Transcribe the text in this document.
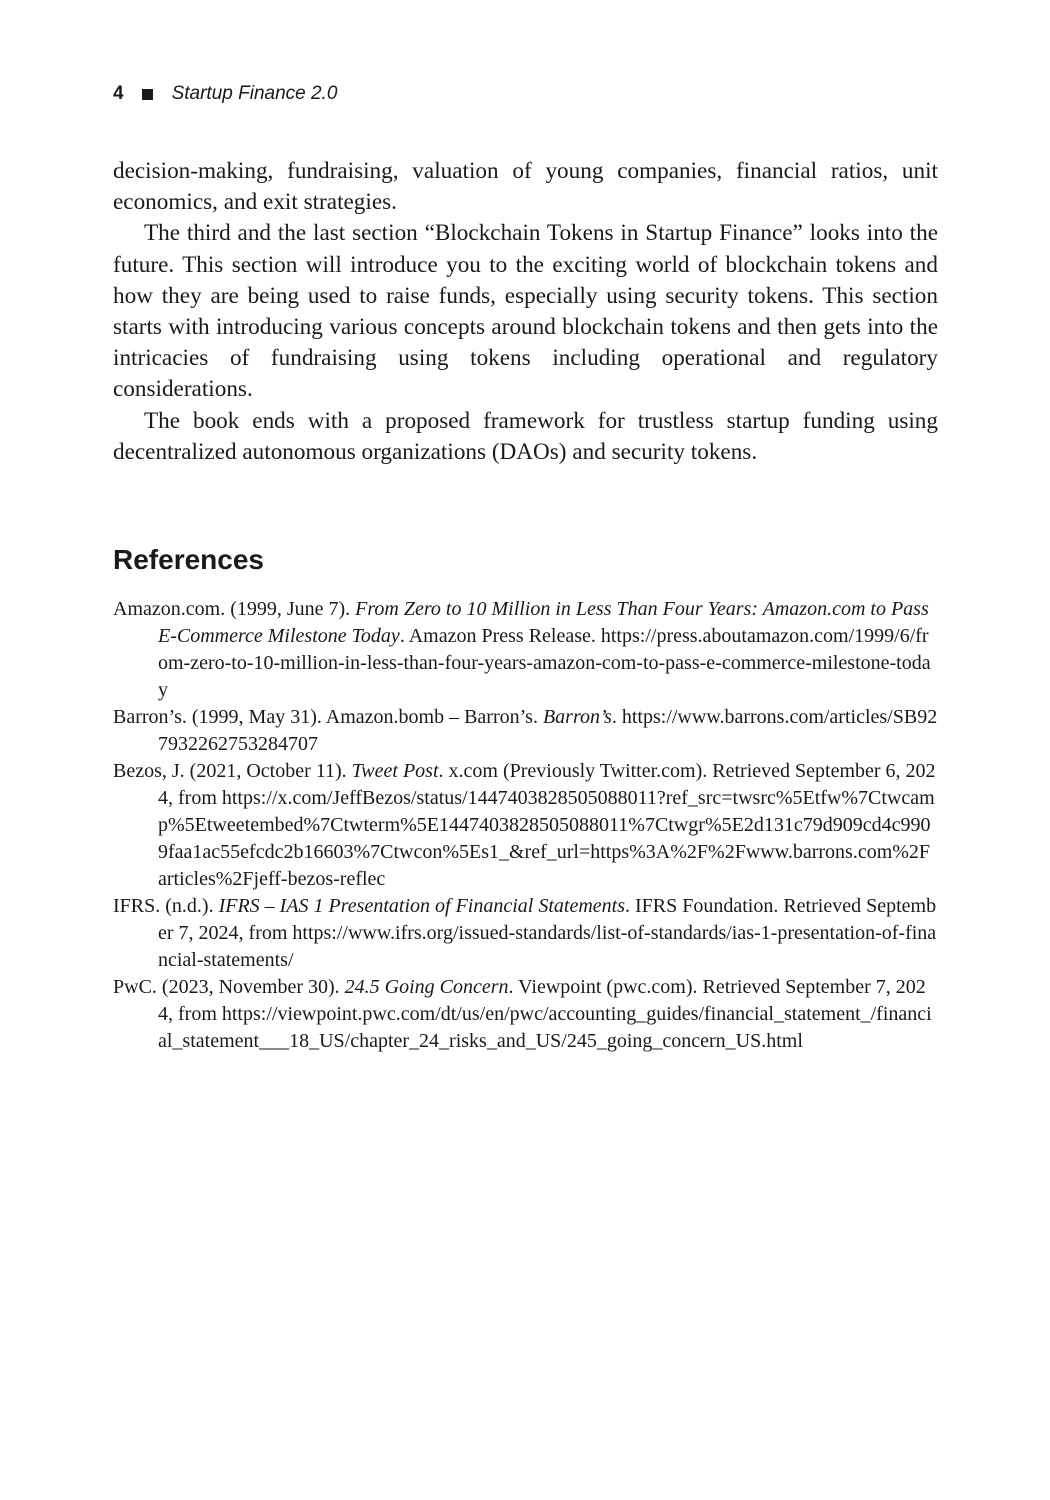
4	Startup Finance 2.0

decision-making, fundraising, valuation of young companies, financial ratios, unit economics, and exit strategies.

The third and the last section “Blockchain Tokens in Startup Finance” looks into the future. This section will introduce you to the exciting world of blockchain tokens and how they are being used to raise funds, especially using security tokens. This section starts with introducing various concepts around blockchain tokens and then gets into the intricacies of fundraising using tokens including operational and regulatory considerations.

The book ends with a proposed framework for trustless startup funding using decentralized autonomous organizations (DAOs) and security tokens.

References
Amazon.com. (1999, June 7). From Zero to 10 Million in Less Than Four Years: Amazon.com to Pass E-Commerce Milestone Today. Amazon Press Release. https://press.aboutamazon.com/1999/6/from-zero-to-10-million-in-less-than-four-years-amazon-com-to-pass-e-commerce-milestone-today
Barron’s. (1999, May 31). Amazon.bomb – Barron’s. Barron’s. https://www.barrons.com/articles/SB927932262753284707
Bezos, J. (2021, October 11). Tweet Post. x.com (Previously Twitter.com). Retrieved September 6, 2024, from https://x.com/JeffBezos/status/1447403828505088011?ref_src=twsrc%5Etfw%7Ctwcamp%5Etweetembed%7Ctwterm%5E1447403828505088011%7Ctwgr%5E2d131c79d909cd4c9909faa1ac55efcdc2b16603%7Ctwcon%5Es1_&ref_url=https%3A%2F%2Fwww.barrons.com%2Farticles%2Fjeff-bezos-reflec
IFRS. (n.d.). IFRS – IAS 1 Presentation of Financial Statements. IFRS Foundation. Retrieved September 7, 2024, from https://www.ifrs.org/issued-standards/list-of-standards/ias-1-presentation-of-financial-statements/
PwC. (2023, November 30). 24.5 Going Concern. Viewpoint (pwc.com). Retrieved September 7, 2024, from https://viewpoint.pwc.com/dt/us/en/pwc/accounting_guides/financial_statement_/financial_statement___18_US/chapter_24_risks_and_US/245_going_concern_US.html
